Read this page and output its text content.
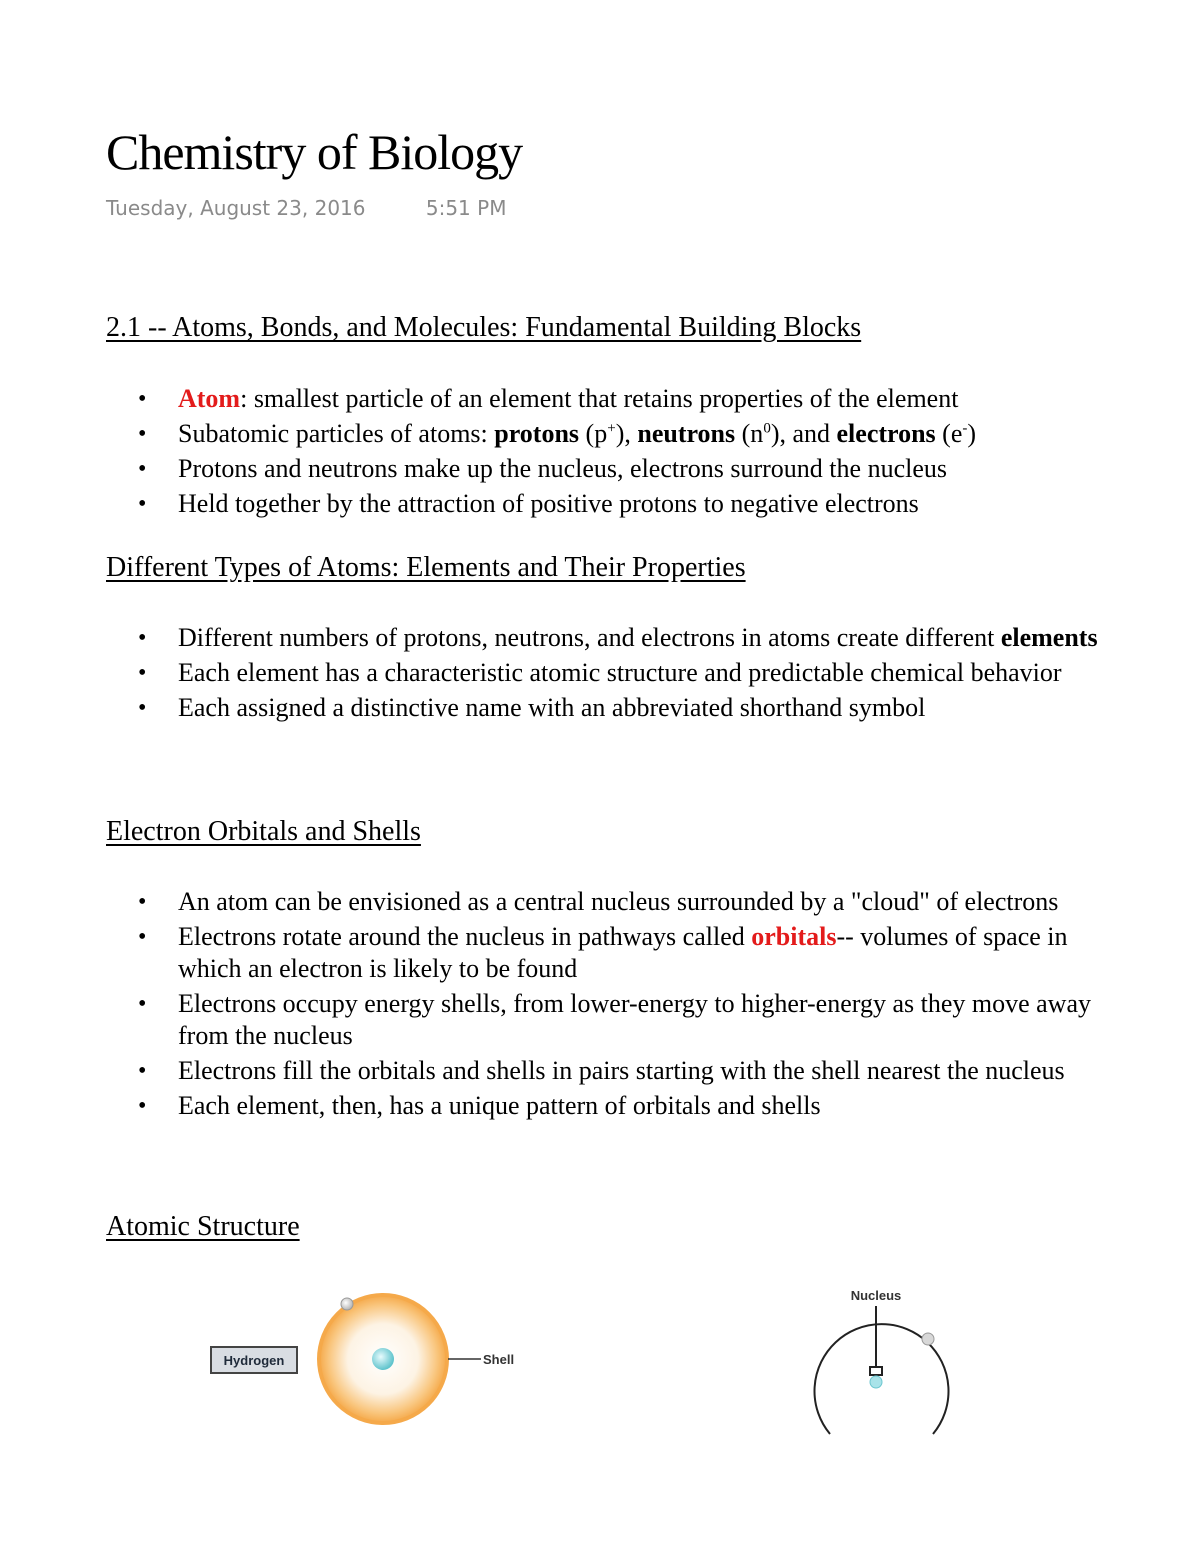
Chemistry of Biology
Tuesday, August 23, 2016	5:51 PM
2.1 -- Atoms, Bonds, and Molecules: Fundamental Building Blocks
• Atom: smallest particle of an element that retains properties of the element
• Subatomic particles of atoms: protons (p+), neutrons $(n^0)$, and electrons (e-)
• Protons and neutrons make up the nucleus, electrons surround the nucleus
• Held together by the attraction of positive protons to negative electrons
Different Types of Atoms: Elements and Their Properties
• Different numbers of protons, neutrons, and electrons in atoms create different elements
• Each element has a characteristic atomic structure and predictable chemical behavior
• Each assigned a distinctive name with an abbreviated shorthand symbol
Electron Orbitals and Shells
• An atom can be envisioned as a central nucleus surrounded by a "cloud" of electrons
• Electrons rotate around the nucleus in pathways called orbitals-- volumes of space in which an electron is likely to be found
• Electrons occupy energy shells, from lower-energy to higher-energy as they move away from the nucleus
• Electrons fill the orbitals and shells in pairs starting with the shell nearest the nucleus
• Each element, then, has a unique pattern of orbitals and shells
Atomic Structure
Hydrogen	Shell
Nucleus
